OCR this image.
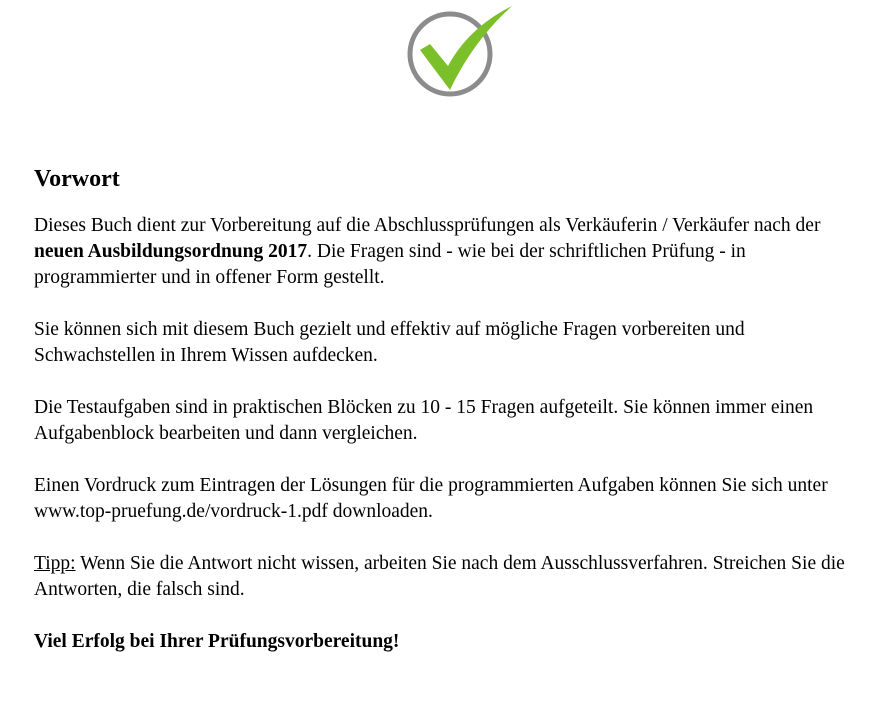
Vorwort

Dieses Buch dient zur Vorbereitung auf die Abschlussprüfungen als Verkäuferin / Verkäufer nach der neuen Ausbildungsordnung 2017. Die Fragen sind - wie bei der schriftlichen Prüfung - in programmierter und in offener Form gestellt.

Sie können sich mit diesem Buch gezielt und effektiv auf mögliche Fragen vorbereiten und Schwachstellen in Ihrem Wissen aufdecken.

Die Testaufgaben sind in praktischen Blöcken zu 10 - 15 Fragen aufgeteilt. Sie können immer einen Aufgabenblock bearbeiten und dann vergleichen.

Einen Vordruck zum Eintragen der Lösungen für die programmierten Aufgaben können Sie sich unter www.top-pruefung.de/vordruck-1.pdf downloaden.

Tipp: Wenn Sie die Antwort nicht wissen, arbeiten Sie nach dem Ausschlussverfahren. Streichen Sie die Antworten, die falsch sind.

Viel Erfolg bei Ihrer Prüfungsvorbereitung!
